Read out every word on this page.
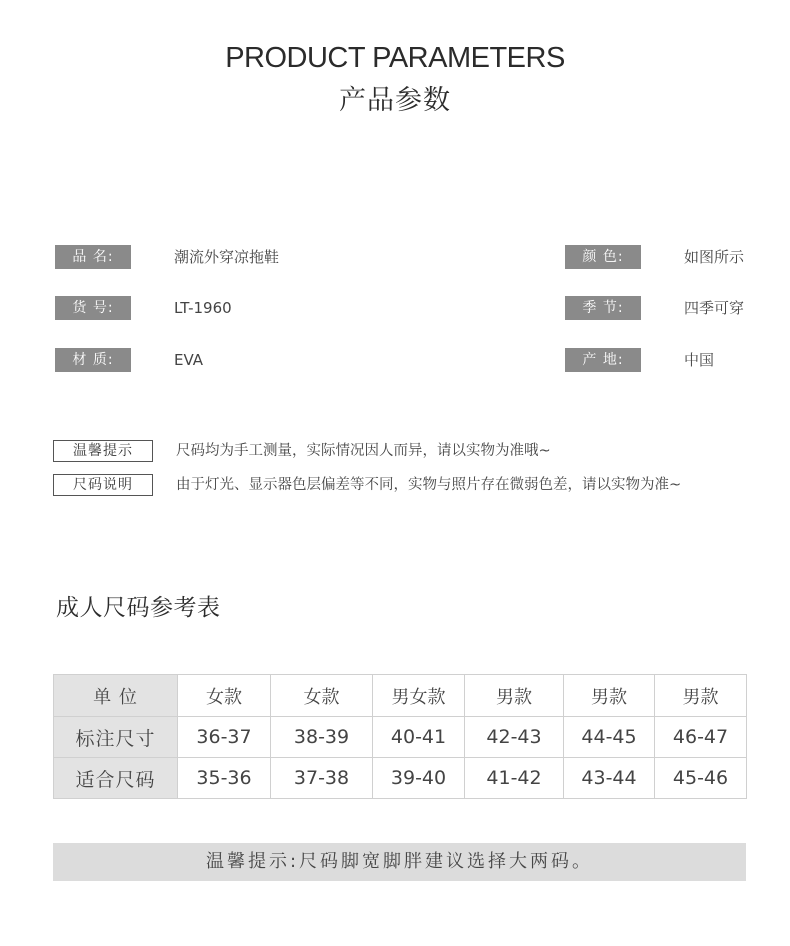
PRODUCT PARAMETERS
产品参数
品 名:	潮流外穿凉拖鞋
货 号:	LT-1960
材 质:	EVA
颜 色:	如图所示
季 节:	四季可穿
产 地:	中国
温馨提示	尺码均为手工测量，实际情况因人而异，请以实物为准哦~
尺码说明	由于灯光、显示器色层偏差等不同，实物与照片存在微弱色差，请以实物为准~
成人尺码参考表
单 位	女款	女款	男女款	男款	男款	男款
标注尺寸	36-37	38-39	40-41	42-43	44-45	46-47
适合尺码	35-36	37-38	39-40	41-42	43-44	45-46
温馨提示:尺码脚宽脚胖建议选择大两码。
